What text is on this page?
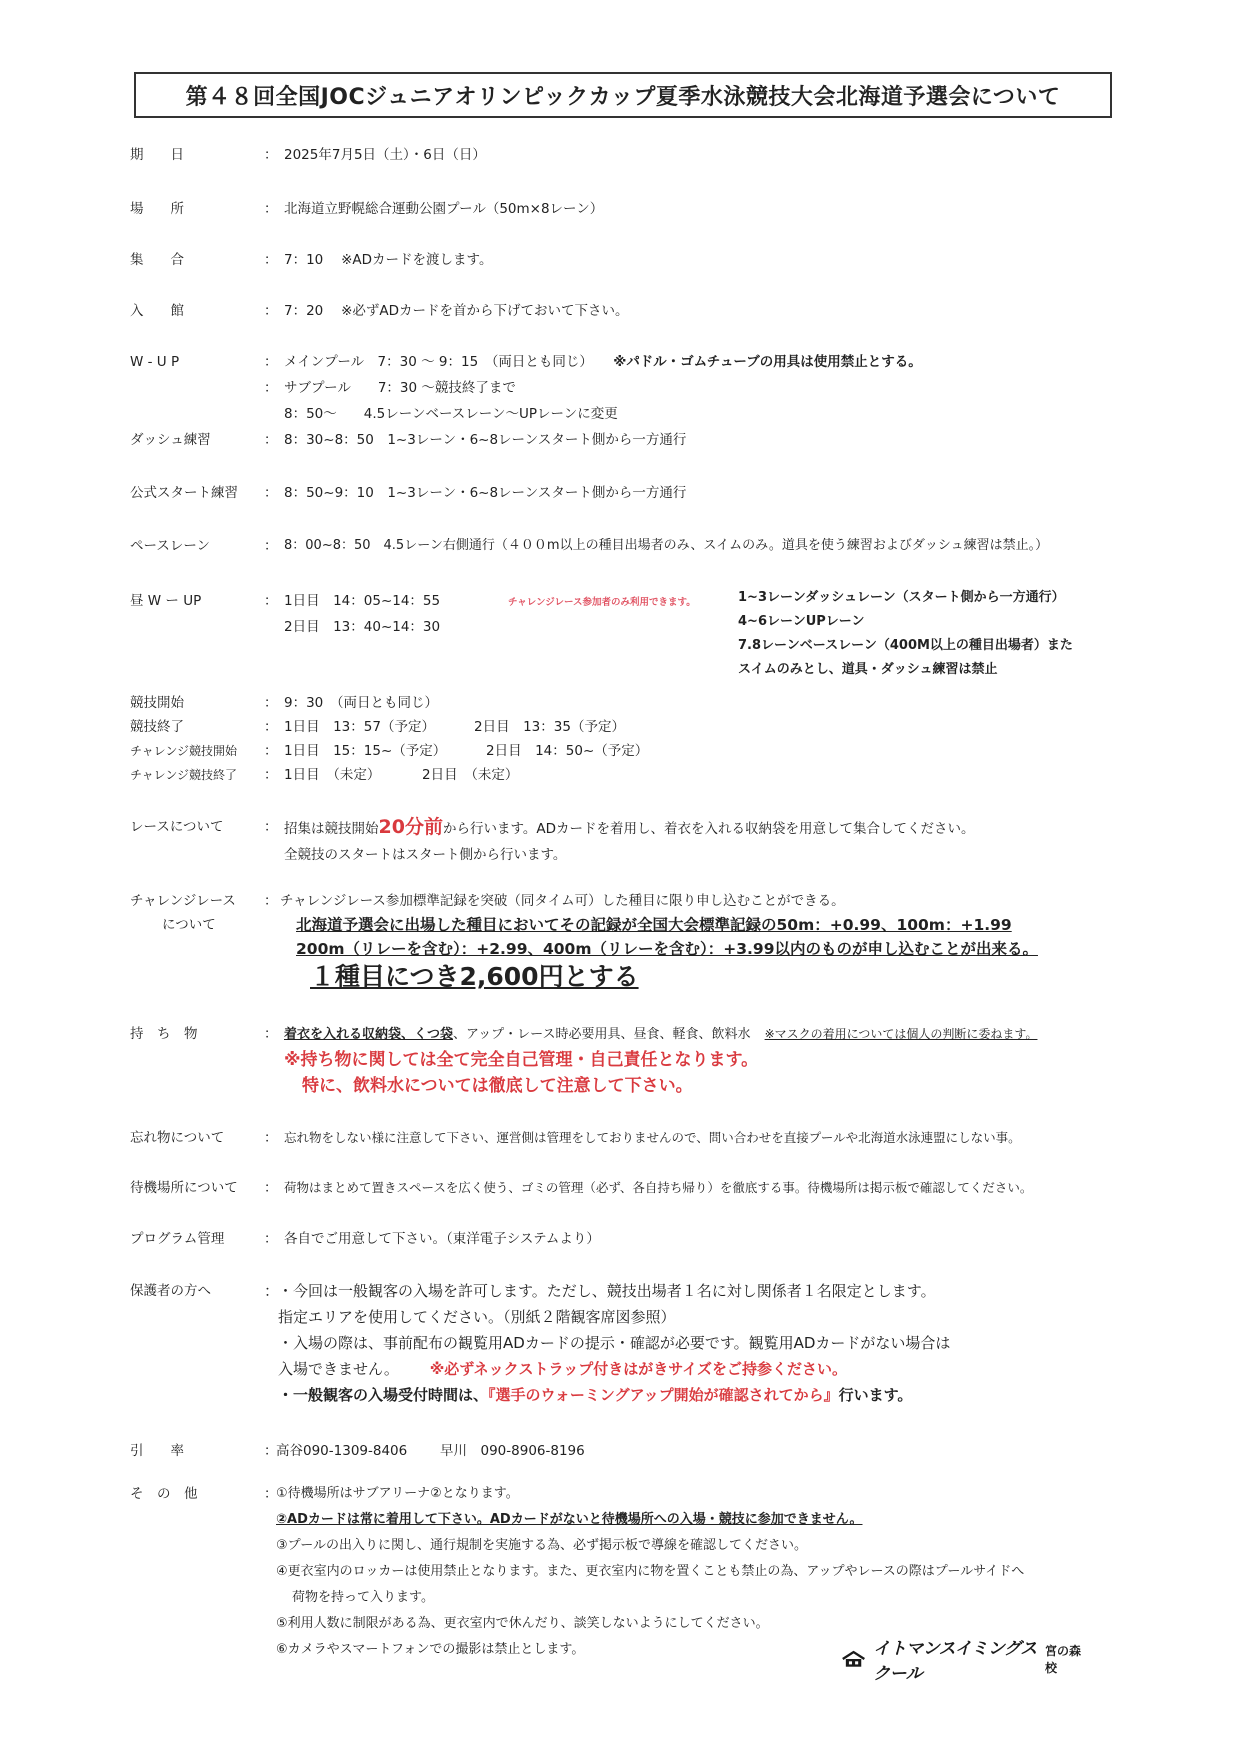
第４８回全国JOCジュニアオリンピックカップ夏季水泳競技大会北海道予選会について
期　　日	： 2025年7月5日（土）・6日（日）
場　　所	： 北海道立野幌総合運動公園プール（50m×8レーン）
集　　合	： 7：10　 ※ADカードを渡します。
入　　館	： 7：20　 ※必ずADカードを首から下げておいて下さい。
W - U P	： メインプール　7：30 ～ 9：15　（両日とも同じ） ※パドル・ゴムチューブの用具は使用禁止とする。
： サブプール　　7：30 ～競技終了まで
8：50～　　4.5レーンベースレーン～UPレーンに変更
ダッシュ練習	： 8：30~8：50　1~3レーン・6~8レーンスタート側から一方通行
公式スタート練習	： 8：50~9：10　1~3レーン・6~8レーンスタート側から一方通行
ペースレーン	： 8：00~8：50　4.5レーン右側通行（４００m以上の種目出場者のみ、スイムのみ。道具を使う練習およびダッシュ練習は禁止。）
昼 W ー UP	： 1日目　14：05~14：55
2日目　13：40~14：30
チャレンジレース参加者のみ利用できます。	1~3レーンダッシュレーン（スタート側から一方通行）
4~6レーンUPレーン
7.8レーンベースレーン（400M以上の種目出場者）また
スイムのみとし、道具・ダッシュ練習は禁止
競技開始	： 9：30　（両日とも同じ）
競技終了	： 1日目　13：57（予定）	2日目　13：35（予定）
チャレンジ競技開始	： 1日目　15：15~（予定）	2日目　14：50~（予定）
チャレンジ競技終了	： 1日目　（未定）	2日目　（未定）
レースについて	： 招集は競技開始20分前から行います。ADカードを着用し、着衣を入れる収納袋を用意して集合してください。
全競技のスタートはスタート側から行います。
チャレンジレース
について
： チャレンジレース参加標準記録を突破（同タイム可）した種目に限り申し込むことができる。
北海道予選会に出場した種目においてその記録が全国大会標準記録の50m：+0.99、100m：+1.99
200m（リレーを含む）：+2.99、400m（リレーを含む）：+3.99以内のものが申し込むことが出来る。
１種目につき2,600円とする
持　ち　物	： 着衣を入れる収納袋、くつ袋、アップ・レース時必要用具、昼食、軽食、飲料水 ※マスクの着用については個人の判断に委ねます。
※持ち物に関しては全て完全自己管理・自己責任となります。
特に、飲料水については徹底して注意して下さい。
忘れ物について	： 忘れ物をしない様に注意して下さい、運営側は管理をしておりませんので、問い合わせを直接プールや北海道水泳連盟にしない事。
待機場所について	： 荷物はまとめて置きスペースを広く使う、ゴミの管理（必ず、各自持ち帰り）を徹底する事。待機場所は掲示板で確認してください。
プログラム管理	： 各自でご用意して下さい。（東洋電子システムより）
保護者の方へ	：
・今回は一般観客の入場を許可します。ただし、競技出場者１名に対し関係者１名限定とします。
指定エリアを使用してください。（別紙２階観客席図参照）
・入場の際は、事前配布の観覧用ADカードの提示・確認が必要です。観覧用ADカードがない場合は
入場できません。 ※必ずネックストラップ付きはがきサイズをご持参ください。
・一般観客の入場受付時間は、『選手のウォーミングアップ開始が確認されてから』行います。
引　　率	：
高谷090-1309-8406 早川　090-8906-8196
そ　の　他	：
①待機場所はサブアリーナ②となります。
②ADカードは常に着用して下さい。ADカードがないと待機場所への入場・競技に参加できません。
③プールの出入りに関し、通行規制を実施する為、必ず掲示板で導線を確認してください。
④更衣室内のロッカーは使用禁止となります。また、更衣室内に物を置くことも禁止の為、アップやレースの際はプールサイドへ
荷物を持って入ります。
⑤利用人数に制限がある為、更衣室内で休んだり、談笑しないようにしてください。
⑥カメラやスマートフォンでの撮影は禁止とします。	イトマンスイミングスクール
宮の森校
